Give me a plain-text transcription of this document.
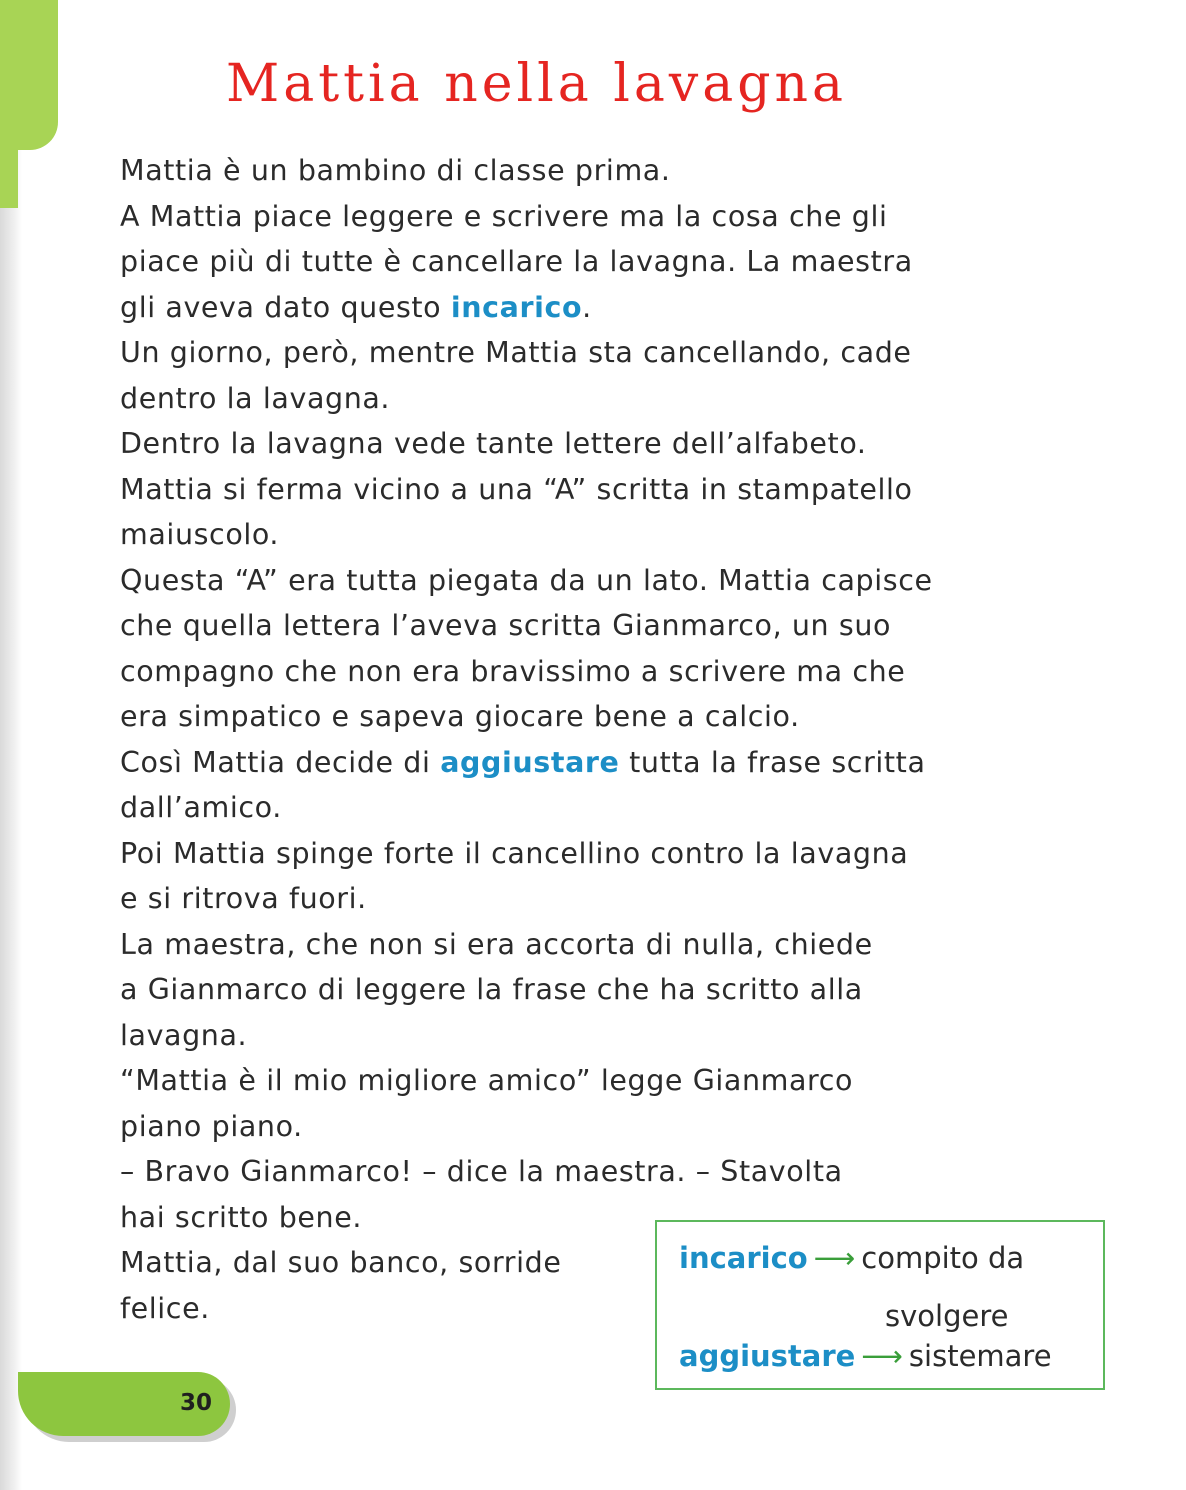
Mattia nella lavagna

Mattia è un bambino di classe prima.

A Mattia piace leggere e scrivere ma la cosa che gli

piace più di tutte è cancellare la lavagna. La maestra

gli aveva dato questo incarico.

Un giorno, però, mentre Mattia sta cancellando, cade

dentro la lavagna.

Dentro la lavagna vede tante lettere dell’alfabeto.

Mattia si ferma vicino a una “A” scritta in stampatello

maiuscolo.

Questa “A” era tutta piegata da un lato. Mattia capisce

che quella lettera l’aveva scritta Gianmarco, un suo

compagno che non era bravissimo a scrivere ma che

era simpatico e sapeva giocare bene a calcio.

Così Mattia decide di aggiustare tutta la frase scritta

dall’amico.

Poi Mattia spinge forte il cancellino contro la lavagna

e si ritrova fuori.

La maestra, che non si era accorta di nulla, chiede

a Gianmarco di leggere la frase che ha scritto alla

lavagna.

“Mattia è il mio migliore amico” legge Gianmarco

piano piano.

– Bravo Gianmarco! – dice la maestra. – Stavolta

hai scritto bene.

Mattia, dal suo banco, sorride

felice.

incarico ⟶ compito da
svolgere
aggiustare ⟶ sistemare
30
